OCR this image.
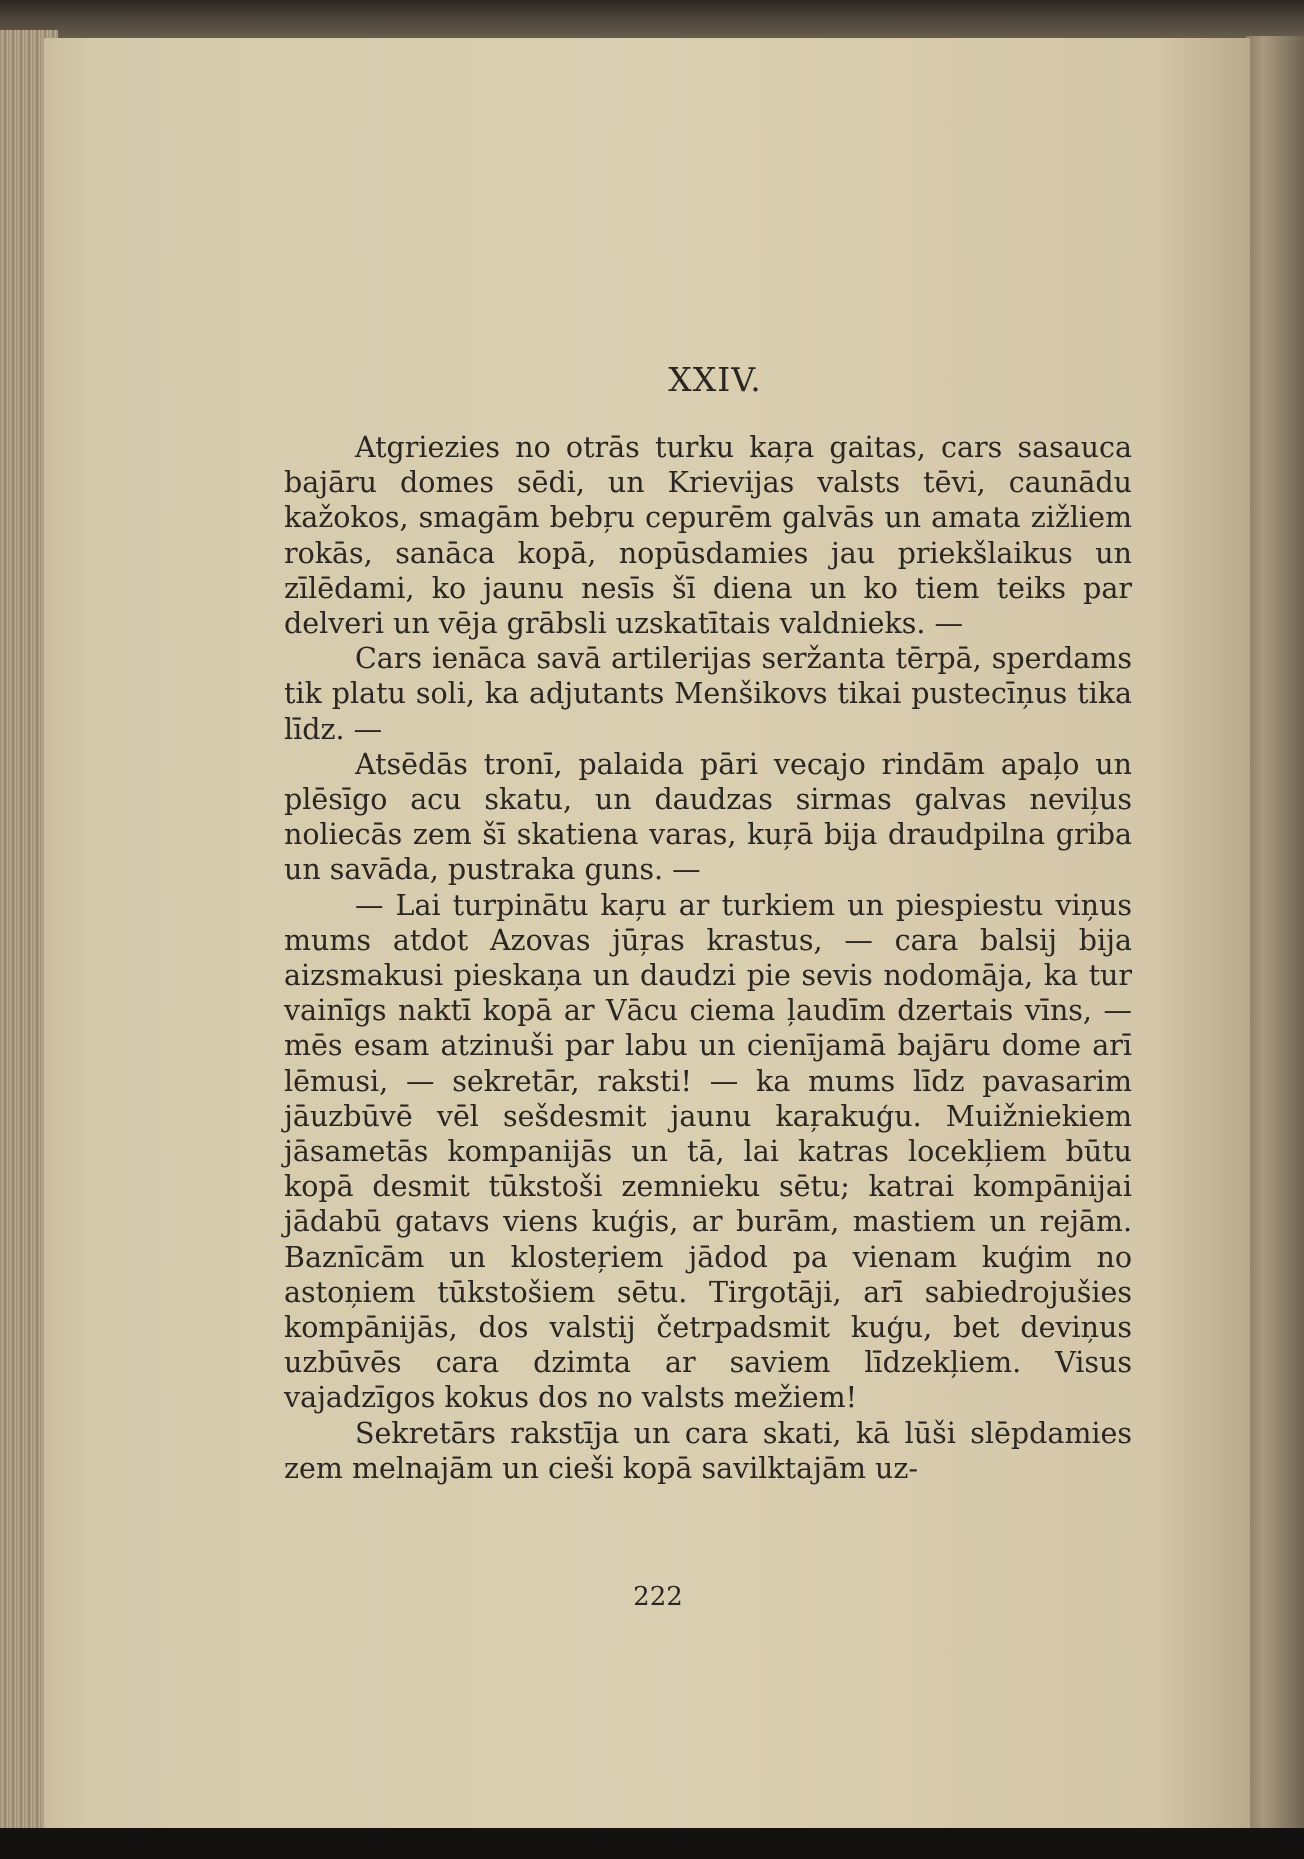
XXIV.

Atgriezies no otrās turku kaŗa gaitas, cars sasauca bajāru domes sēdi, un Krievijas valsts tēvi, caunādu kažokos, smagām bebŗu cepurēm galvās un amata zižliem rokās, sanāca kopā, nopūsdamies jau priekšlaikus un zīlēdami, ko jaunu nesīs šī diena un ko tiem teiks par delveri un vēja grābsli uzskatītais valdnieks. —

Cars ienāca savā artilerijas seržanta tērpā, sperdams tik platu soli, ka adjutants Menšikovs tikai pustecīņus tika līdz. —

Atsēdās tronī, palaida pāri vecajo rindām apaļo un plēsīgo acu skatu, un daudzas sirmas galvas neviļus noliecās zem šī skatiena varas, kuŗā bija draudpilna griba un savāda, pustraka guns. —

— Lai turpinātu kaŗu ar turkiem un piespiestu viņus mums atdot Azovas jūŗas krastus, — cara balsij bija aizsmakusi pieskaņa un daudzi pie sevis nodomāja, ka tur vainīgs naktī kopā ar Vācu ciema ļaudīm dzertais vīns, — mēs esam atzinuši par labu un cienījamā bajāru dome arī lēmusi, — sekretār, raksti! — ka mums līdz pavasarim jāuzbūvē vēl sešdesmit jaunu kaŗakuģu. Muižniekiem jāsametās kompanijās un tā, lai katras locekļiem būtu kopā desmit tūkstoši zemnieku sētu; katrai kompānijai jādabū gatavs viens kuģis, ar burām, mastiem un rejām. Baznīcām un klosteŗiem jādod pa vienam kuģim no astoņiem tūkstošiem sētu. Tirgotāji, arī sabiedrojušies kompānijās, dos valstij četrpadsmit kuģu, bet deviņus uzbūvēs cara dzimta ar saviem līdzekļiem. Visus vajadzīgos kokus dos no valsts mežiem!

Sekretārs rakstīja un cara skati, kā lūši slēpdamies zem melnajām un cieši kopā savilktajām uz-

222
